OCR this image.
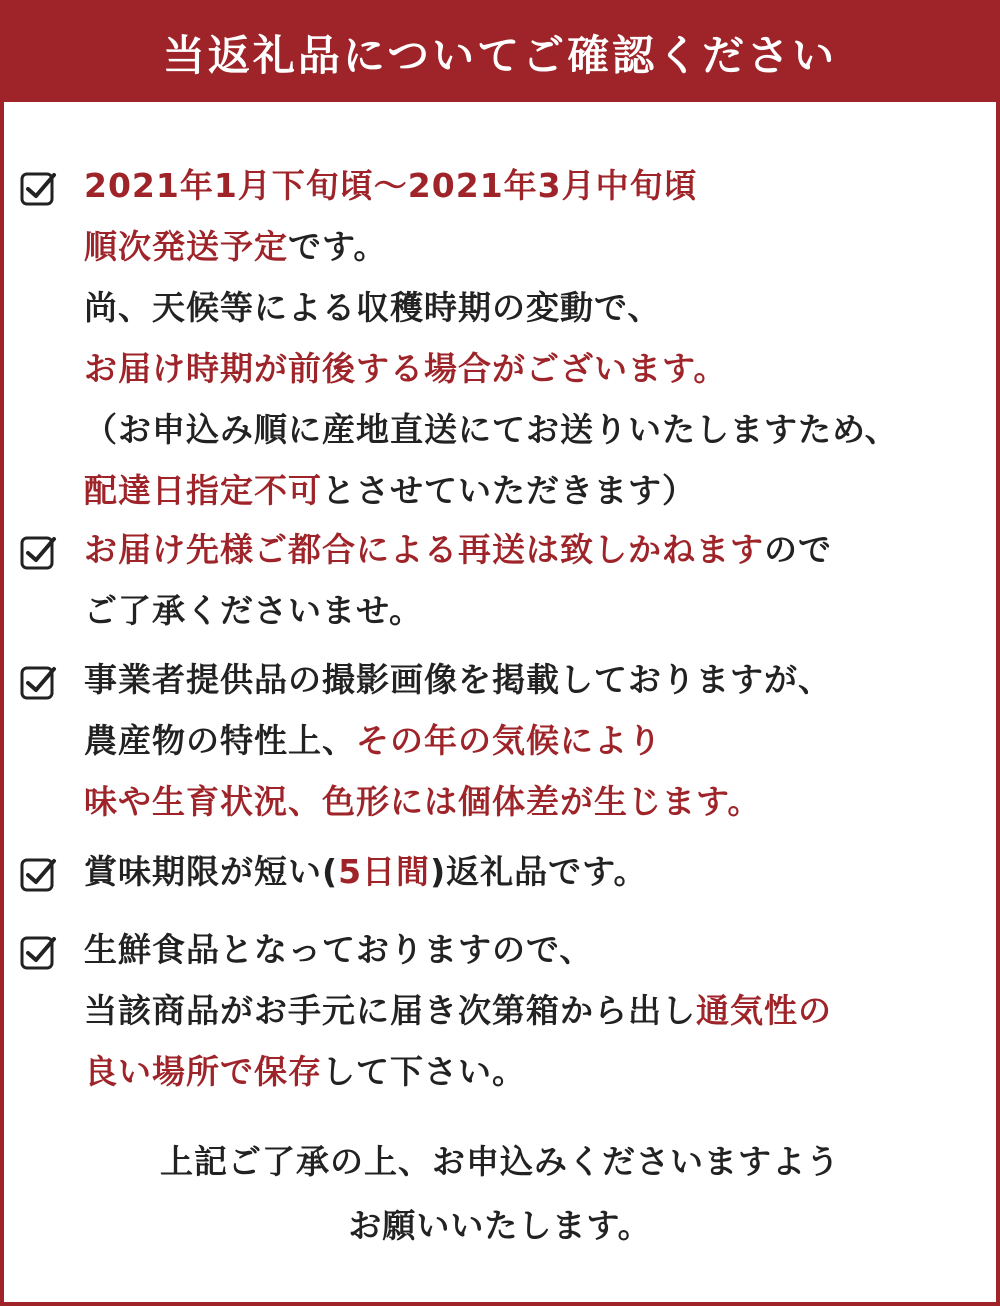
当返礼品についてご確認ください
2021年1月下旬頃～2021年3月中旬頃
順次発送予定です。
尚、天候等による収穫時期の変動で、
お届け時期が前後する場合がございます。
（お申込み順に産地直送にてお送りいたしますため、
配達日指定不可とさせていただきます）
お届け先様ご都合による再送は致しかねますので
ご了承くださいませ。
事業者提供品の撮影画像を掲載しておりますが、
農産物の特性上、その年の気候により
味や生育状況、色形には個体差が生じます。
賞味期限が短い(5日間)返礼品です。
生鮮食品となっておりますので、
当該商品がお手元に届き次第箱から出し通気性の
良い場所で保存して下さい。
上記ご了承の上、お申込みくださいますよう
お願いいたします。
